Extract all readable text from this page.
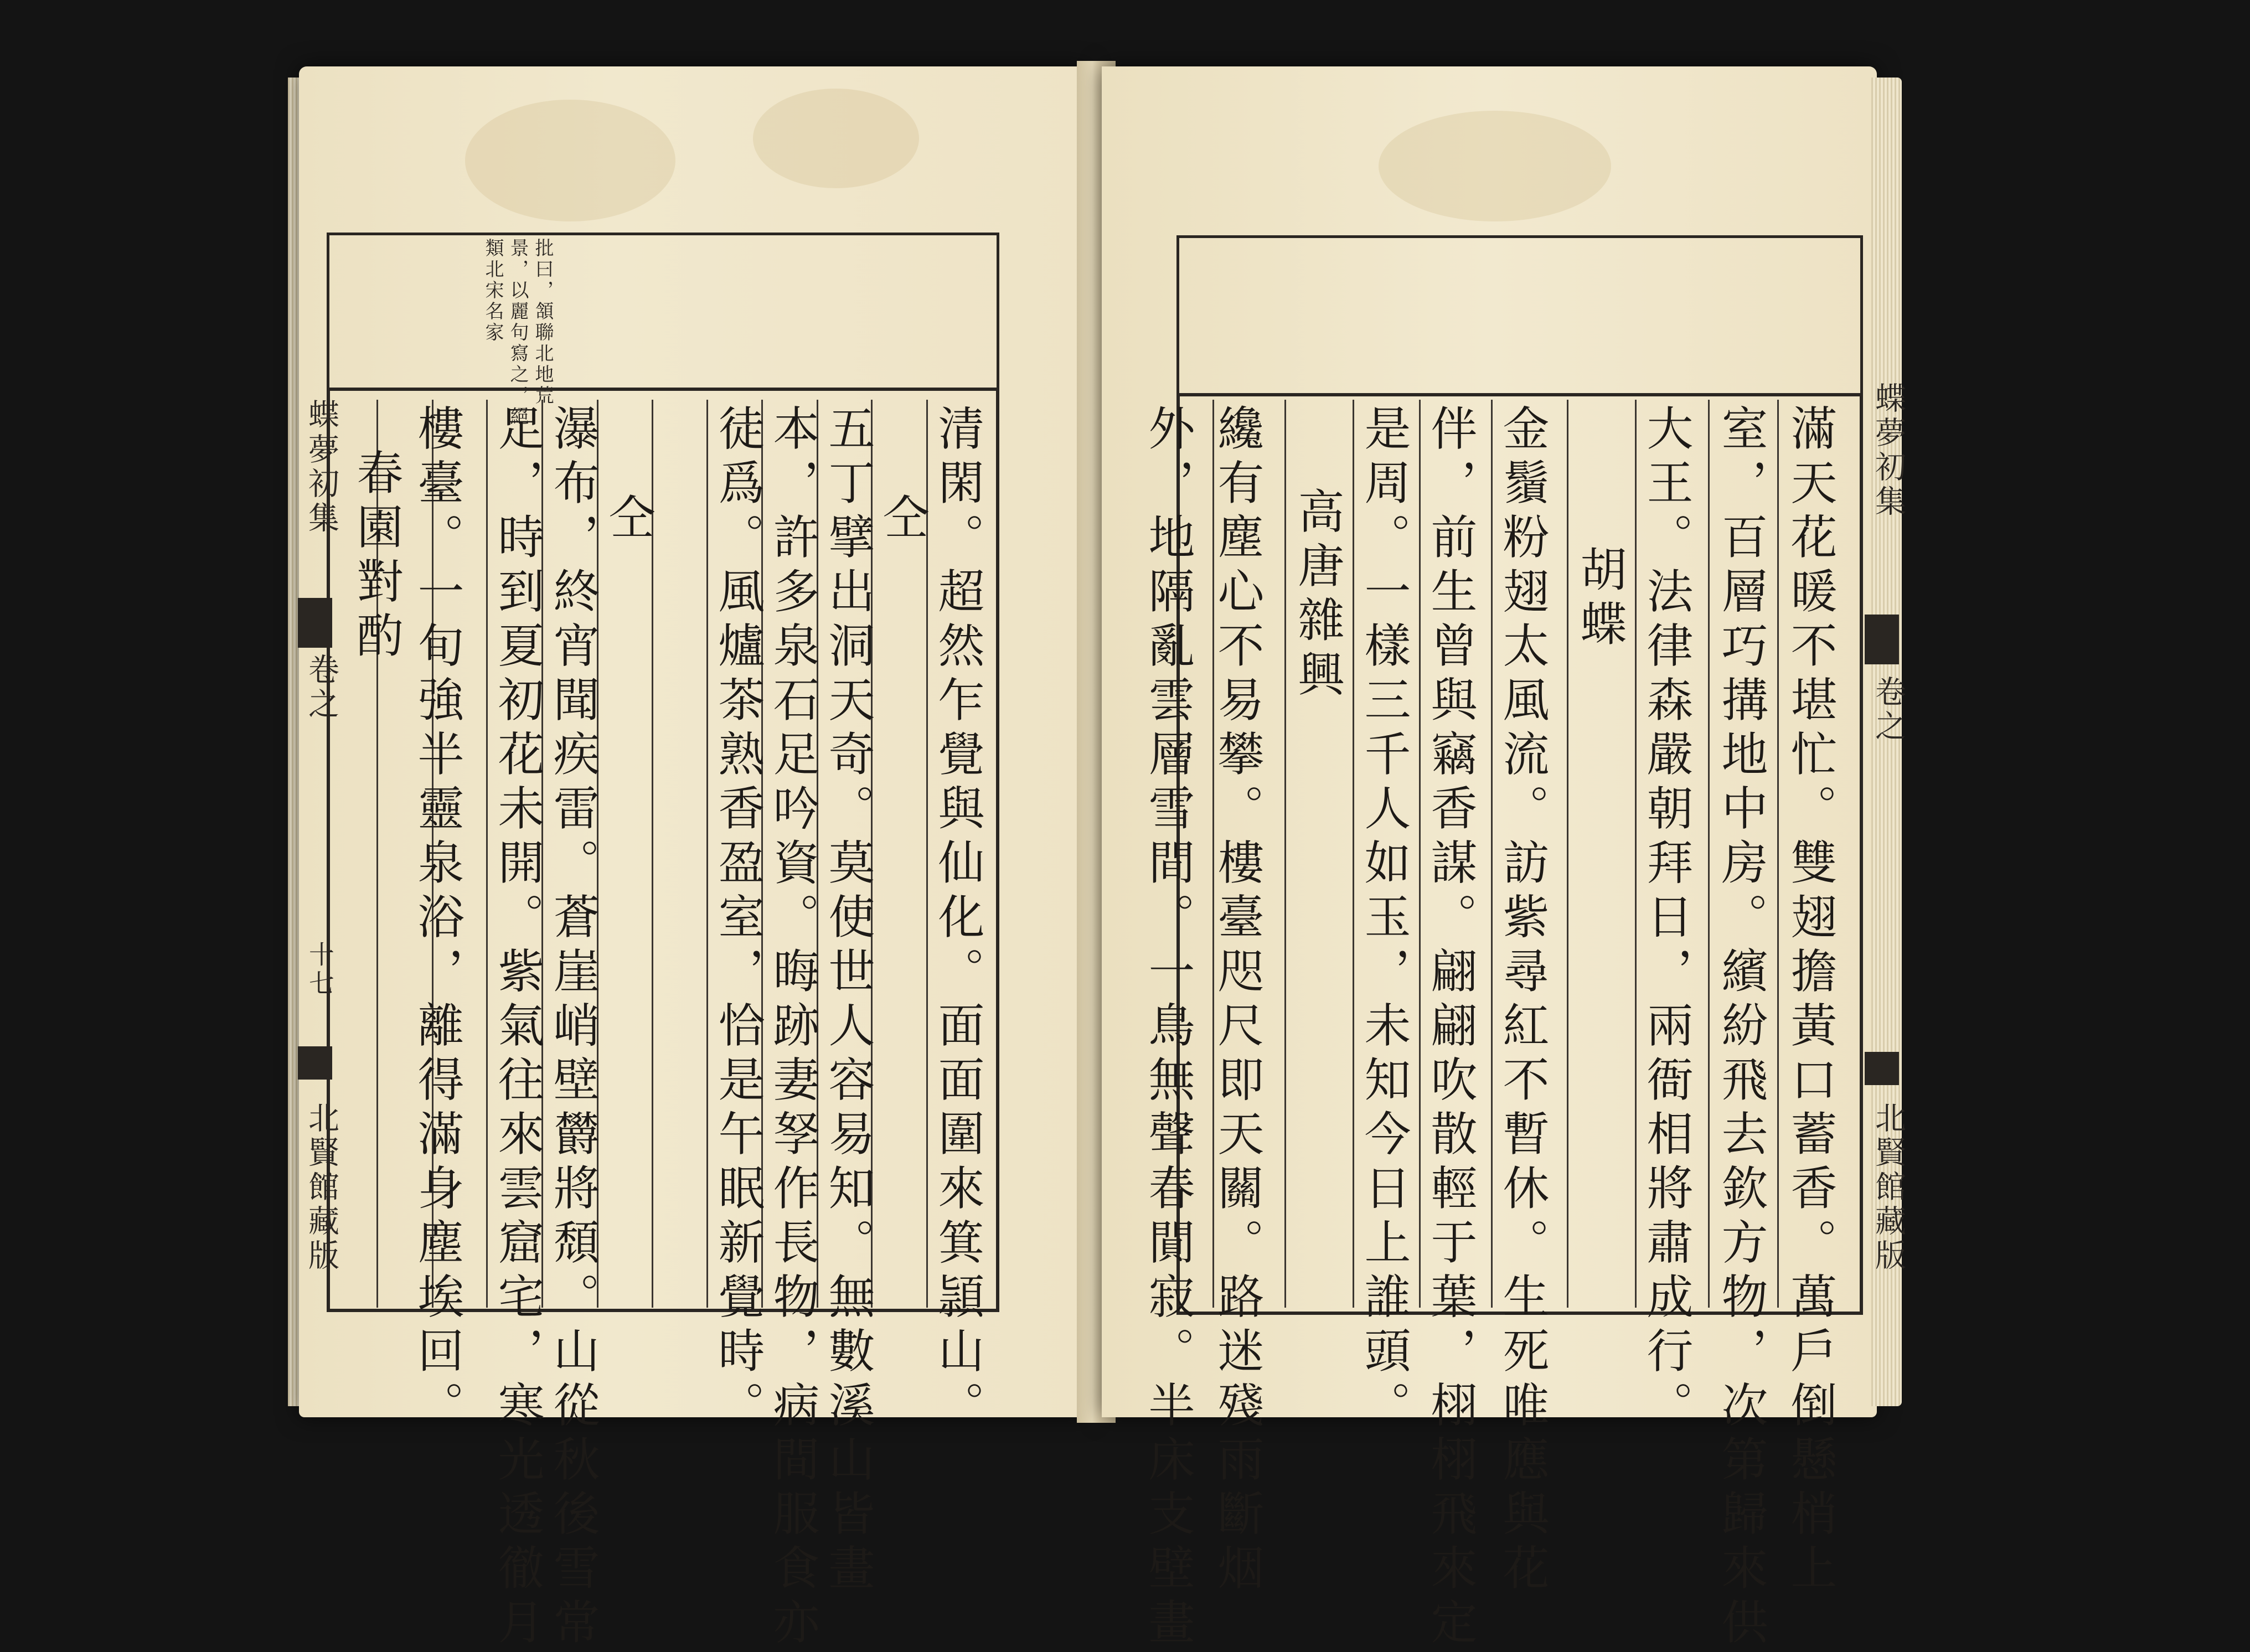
批曰，頷聯北地荒
景，以麗句寫之，絕
類北宋名家
清閑。超然乍覺與仙化。面面圍來箕頴山。
仝
五丁擘出洞天奇。莫使世人容易知。無數溪山皆畫
本，許多泉石足吟資。晦跡妻孥作長物，病間服食亦
徒爲。風爐茶熟香盈室，恰是午眠新覺時。
仝
瀑布，終宵聞疾雷。蒼崖峭壁欝將頹。山從秋後雪常
足，時到夏初花未開。紫氣往來雲窟宅，寒光透徹月
樓臺。一旬強半靈泉浴，離得滿身塵埃回。
春園對酌
蝶夢初集
卷之
十七
北賢館藏版	滿天花暖不堪忙。雙翅擔黃口蓄香。萬戶倒懸梢上
室，百層巧搆地中房。繽紛飛去欽方物，次第歸來供
大王。法律森嚴朝拜日，兩衙相將肅成行。
胡蝶
金鬚粉翅太風流。訪紫尋紅不暫休。生死唯應與花
伴，前生曾與竊香謀。翩翩吹散輕于葉，栩栩飛來定
是周。一樣三千人如玉，未知今日上誰頭。
高唐雜興
纔有塵心不易攀。樓臺咫尺即天關。路迷殘雨斷烟
外，地隔亂雲層雪間。一鳥無聲春閴寂。半床支壁畫	蝶夢初集
卷之
北賢館藏版
